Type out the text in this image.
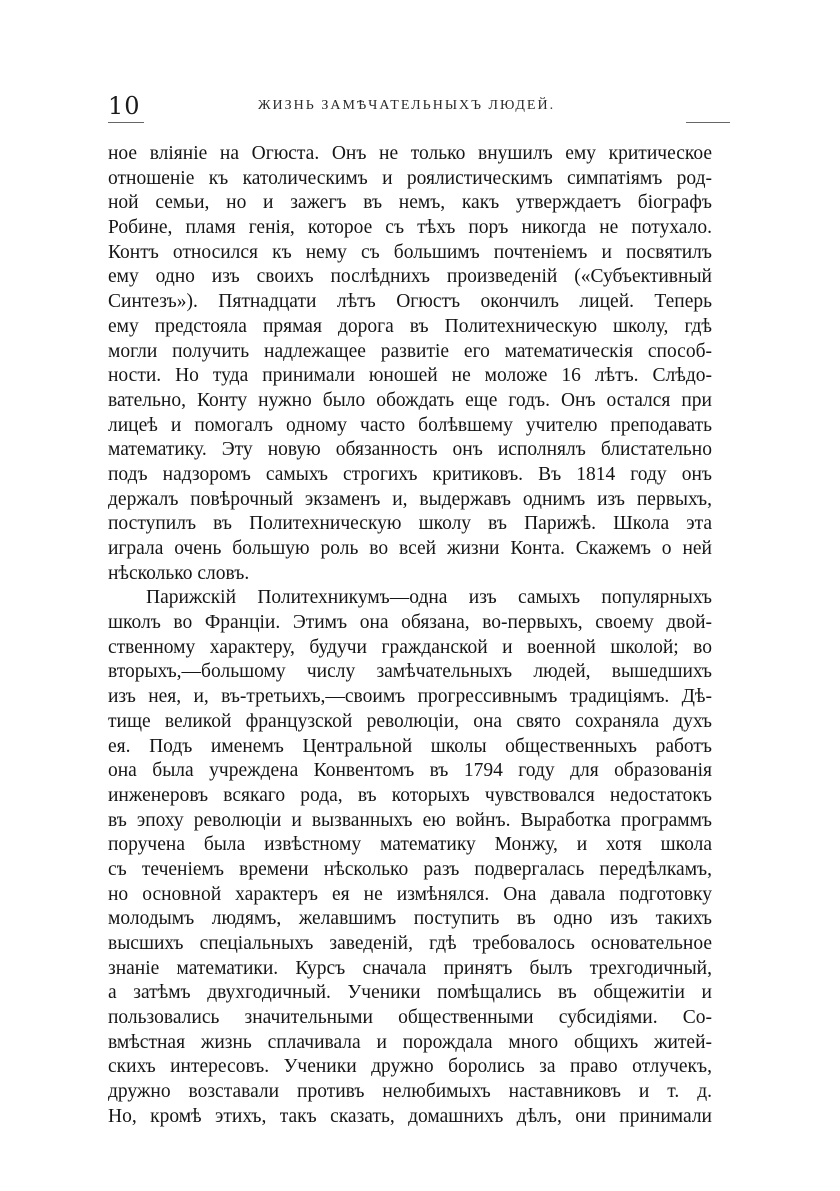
10	ЖИЗНЬ ЗАМѢЧАТЕЛЬНЫХЪ ЛЮДЕЙ.
ное вліяніе на Огюста. Онъ не только внушилъ ему критическое
отношеніе къ католическимъ и роялистическимъ симпатіямъ род-
ной семьи, но и зажегъ въ немъ, какъ утверждаетъ біографъ
Робине, пламя генія, которое съ тѣхъ поръ никогда не потухало.
Контъ относился къ нему съ большимъ почтеніемъ и посвятилъ
ему одно изъ своихъ послѣднихъ произведеній («Субъективный
Синтезъ»). Пятнадцати лѣтъ Огюстъ окончилъ лицей. Теперь
ему предстояла прямая дорога въ Политехническую школу, гдѣ
могли получить надлежащее развитіе его математическія способ-
ности. Но туда принимали юношей не моложе 16 лѣтъ. Слѣдо-
вательно, Конту нужно было обождать еще годъ. Онъ остался при
лицеѣ и помогалъ одному часто болѣвшему учителю преподавать
математику. Эту новую обязанность онъ исполнялъ блистательно
подъ надзоромъ самыхъ строгихъ критиковъ. Въ 1814 году онъ
держалъ повѣрочный экзаменъ и, выдержавъ однимъ изъ первыхъ,
поступилъ въ Политехническую школу въ Парижѣ. Школа эта
играла очень большую роль во всей жизни Конта. Скажемъ о ней
нѣсколько словъ.
Парижскій Политехникумъ—одна изъ самыхъ популярныхъ
школъ во Франціи. Этимъ она обязана, во-первыхъ, своему двой-
ственному характеру, будучи гражданской и военной школой; во
вторыхъ,—большому числу замѣчательныхъ людей, вышедшихъ
изъ нея, и, въ-третьихъ,—своимъ прогрессивнымъ традиціямъ. Дѣ-
тище великой французской революціи, она свято сохраняла духъ
ея. Подъ именемъ Центральной школы общественныхъ работъ
она была учреждена Конвентомъ въ 1794 году для образованія
инженеровъ всякаго рода, въ которыхъ чувствовался недостатокъ
въ эпоху революціи и вызванныхъ ею войнъ. Выработка программъ
поручена была извѣстному математику Монжу, и хотя школа
съ теченіемъ времени нѣсколько разъ подвергалась передѣлкамъ,
но основной характеръ ея не измѣнялся. Она давала подготовку
молодымъ людямъ, желавшимъ поступить въ одно изъ такихъ
высшихъ спеціальныхъ заведеній, гдѣ требовалось основательное
знаніе математики. Курсъ сначала принятъ былъ трехгодичный,
а затѣмъ двухгодичный. Ученики помѣщались въ общежитіи и
пользовались значительными общественными субсидіями. Со-
вмѣстная жизнь сплачивала и порождала много общихъ житей-
скихъ интересовъ. Ученики дружно боролись за право отлучекъ,
дружно возставали противъ нелюбимыхъ наставниковъ и т. д.
Но, кромѣ этихъ, такъ сказать, домашнихъ дѣлъ, они принимали
